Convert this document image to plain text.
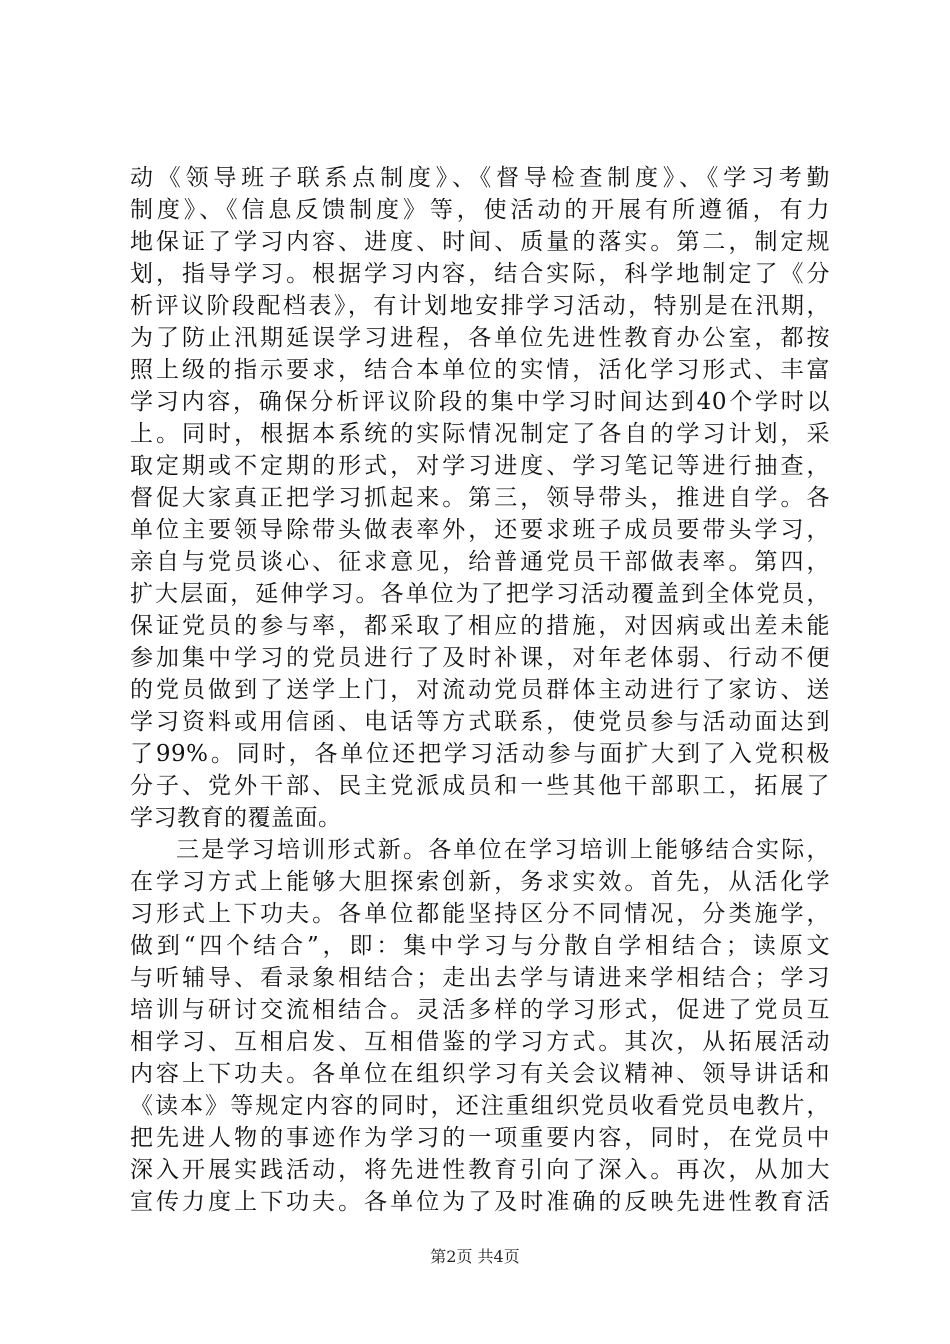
动《领导班子联系点制度》、《督导检查制度》、《学习考勤
制度》、《信息反馈制度》等，使活动的开展有所遵循，有力
地保证了学习内容、进度、时间、质量的落实。第二，制定规
划，指导学习。根据学习内容，结合实际，科学地制定了《分
析评议阶段配档表》，有计划地安排学习活动，特别是在汛期，
为了防止汛期延误学习进程，各单位先进性教育办公室，都按
照上级的指示要求，结合本单位的实情，活化学习形式、丰富
学习内容，确保分析评议阶段的集中学习时间达到40个学时以
上。同时，根据本系统的实际情况制定了各自的学习计划，采
取定期或不定期的形式，对学习进度、学习笔记等进行抽查，
督促大家真正把学习抓起来。第三，领导带头，推进自学。各
单位主要领导除带头做表率外，还要求班子成员要带头学习，
亲自与党员谈心、征求意见，给普通党员干部做表率。第四，
扩大层面，延伸学习。各单位为了把学习活动覆盖到全体党员，
保证党员的参与率，都采取了相应的措施，对因病或出差未能
参加集中学习的党员进行了及时补课，对年老体弱、行动不便
的党员做到了送学上门，对流动党员群体主动进行了家访、送
学习资料或用信函、电话等方式联系，使党员参与活动面达到
了99%。同时，各单位还把学习活动参与面扩大到了入党积极
分子、党外干部、民主党派成员和一些其他干部职工，拓展了
学习教育的覆盖面。
三是学习培训形式新。各单位在学习培训上能够结合实际，
在学习方式上能够大胆探索创新，务求实效。首先，从活化学
习形式上下功夫。各单位都能坚持区分不同情况，分类施学，
做到“四个结合”，即：集中学习与分散自学相结合；读原文
与听辅导、看录象相结合；走出去学与请进来学相结合；学习
培训与研讨交流相结合。灵活多样的学习形式，促进了党员互
相学习、互相启发、互相借鉴的学习方式。其次，从拓展活动
内容上下功夫。各单位在组织学习有关会议精神、领导讲话和
《读本》等规定内容的同时，还注重组织党员收看党员电教片，
把先进人物的事迹作为学习的一项重要内容，同时，在党员中
深入开展实践活动，将先进性教育引向了深入。再次，从加大
宣传力度上下功夫。各单位为了及时准确的反映先进性教育活
第2页 共4页
